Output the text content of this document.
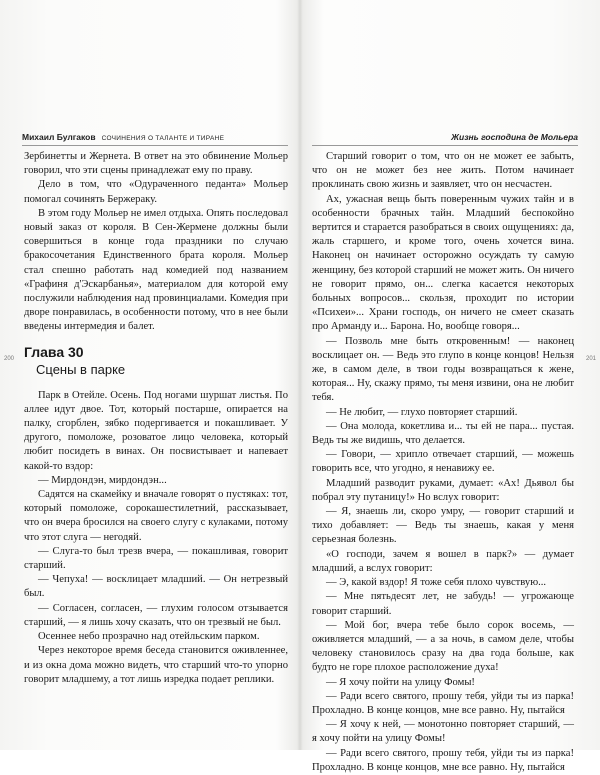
Михаил Булгаков СОЧИНЕНИЯ О ТАЛАНТЕ И ТИРАНЕ
200

Зербинетты и Жернета. В ответ на это обвинение Мольер говорил, что эти сцены принадлежат ему по праву.

Дело в том, что «Одураченного педанта» Мольер помогал сочинять Бержераку.

В этом году Мольер не имел отдыха. Опять последовал новый заказ от короля. В Сен-Жермене должны были совершиться в конце года праздники по случаю бракосочетания Единственного брата короля. Мольер стал спешно работать над комедией под названием «Графиня д'Эскарбанья», материалом для которой ему послужили наблюдения над провинциалами. Комедия при дворе понравилась, в особенности потому, что в нее были введены интермедия и балет.

Глава 30
Сцены в парке

Парк в Отейле. Осень. Под ногами шуршат листья. По аллее идут двое. Тот, который постарше, опирается на палку, сгорблен, зябко подергивается и покашливает. У другого, помоложе, розоватое лицо человека, который любит посидеть в винах. Он посвистывает и напевает какой-то вздор:

— Мирдондэн, мирдондэн...

Садятся на скамейку и вначале говорят о пустяках: тот, который помоложе, сорокашестилетний, рассказывает, что он вчера бросился на своего слугу с кулаками, потому что этот слуга — негодяй.

— Слуга-то был трезв вчера, — покашливая, говорит старший.

— Чепуха! — восклицает младший. — Он нетрезвый был.

— Согласен, согласен, — глухим голосом отзывается старший, — я лишь хочу сказать, что он трезвый не был.

Осеннее небо прозрачно над отейльским парком.

Через некоторое время беседа становится оживленнее, и из окна дома можно видеть, что старший что-то упорно говорит младшему, а тот лишь изредка подает реплики.

Жизнь господина де Мольера
201

Старший говорит о том, что он не может ее забыть, что он не может без нее жить. Потом начинает проклинать свою жизнь и заявляет, что он несчастен.

Ах, ужасная вещь быть поверенным чужих тайн и в особенности брачных тайн. Младший беспокойно вертится и старается разобраться в своих ощущениях: да, жаль старшего, и кроме того, очень хочется вина. Наконец он начинает осторожно осуждать ту самую женщину, без которой старший не может жить. Он ничего не говорит прямо, он... слегка касается некоторых больных вопросов... скользя, проходит по истории «Психеи»... Храни господь, он ничего не смеет сказать про Арманду и... Барона. Но, вообще говоря...

— Позволь мне быть откровенным! — наконец восклицает он. — Ведь это глупо в конце концов! Нельзя же, в самом деле, в твои годы возвращаться к жене, которая... Ну, скажу прямо, ты меня извини, она не любит тебя.

— Не любит, — глухо повторяет старший.

— Она молода, кокетлива и... ты ей не пара... пустая. Ведь ты же видишь, что делается.

— Говори, — хрипло отвечает старший, — можешь говорить все, что угодно, я ненавижу ее.

Младший разводит руками, думает: «Ах! Дьявол бы побрал эту путаницу!» Но вслух говорит:

— Я, знаешь ли, скоро умру, — говорит старший и тихо добавляет: — Ведь ты знаешь, какая у меня серьезная болезнь.

«О господи, зачем я вошел в парк?» — думает младший, а вслух говорит:

— Э, какой вздор! Я тоже себя плохо чувствую...

— Мне пятьдесят лет, не забудь! — угрожающе говорит старший.

— Мой бог, вчера тебе было сорок восемь, — оживляется младший, — а за ночь, в самом деле, чтобы человеку становилось сразу на два года больше, как будто не горе плохое расположение духа!

— Я хочу пойти на улицу Фомы!

— Ради всего святого, прошу тебя, уйди ты из парка! Прохладно. В конце концов, мне все равно. Ну, пытайся

— Я хочу к ней, — монотонно повторяет старший, — я хочу пойти на улицу Фомы!

— Ради всего святого, прошу тебя, уйди ты из парка! Прохладно. В конце концов, мне все равно. Ну, пытайся
